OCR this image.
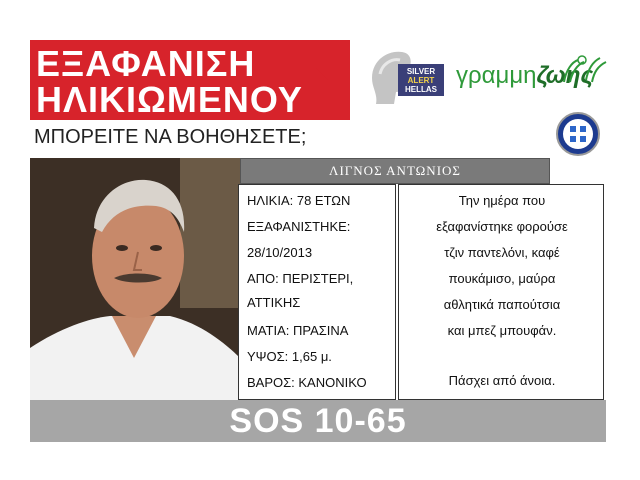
ΕΞΑΦΑΝΙΣΗ
ΗΛΙΚΙΩΜΕΝΟΥ
ΜΠΟΡΕΙΤΕ ΝΑ ΒΟΗΘΗΣΕΤΕ;
SILVER
ALERT
HELLAS
γραμμηζωης
ΛΙΓΝΟΣ ΑΝΤΩΝΙΟΣ
ΗΛΙΚΙΑ: 78 ΕΤΩΝ
ΕΞΑΦΑΝΙΣΤΗΚΕ:
28/10/2013
ΑΠΟ: ΠΕΡΙΣΤΕΡΙ,
ΑΤΤΙΚΗΣ
ΜΑΤΙΑ: ΠΡΑΣΙΝΑ
ΥΨΟΣ: 1,65 μ.
ΒΑΡΟΣ: ΚΑΝΟΝΙΚΟ
Την ημέρα που
εξαφανίστηκε φορούσε
τζιν παντελόνι, καφέ
πουκάμισο, μαύρα
αθλητικά παπούτσια
και μπεζ μπουφάν.
Πάσχει από άνοια.
SOS 10-65
